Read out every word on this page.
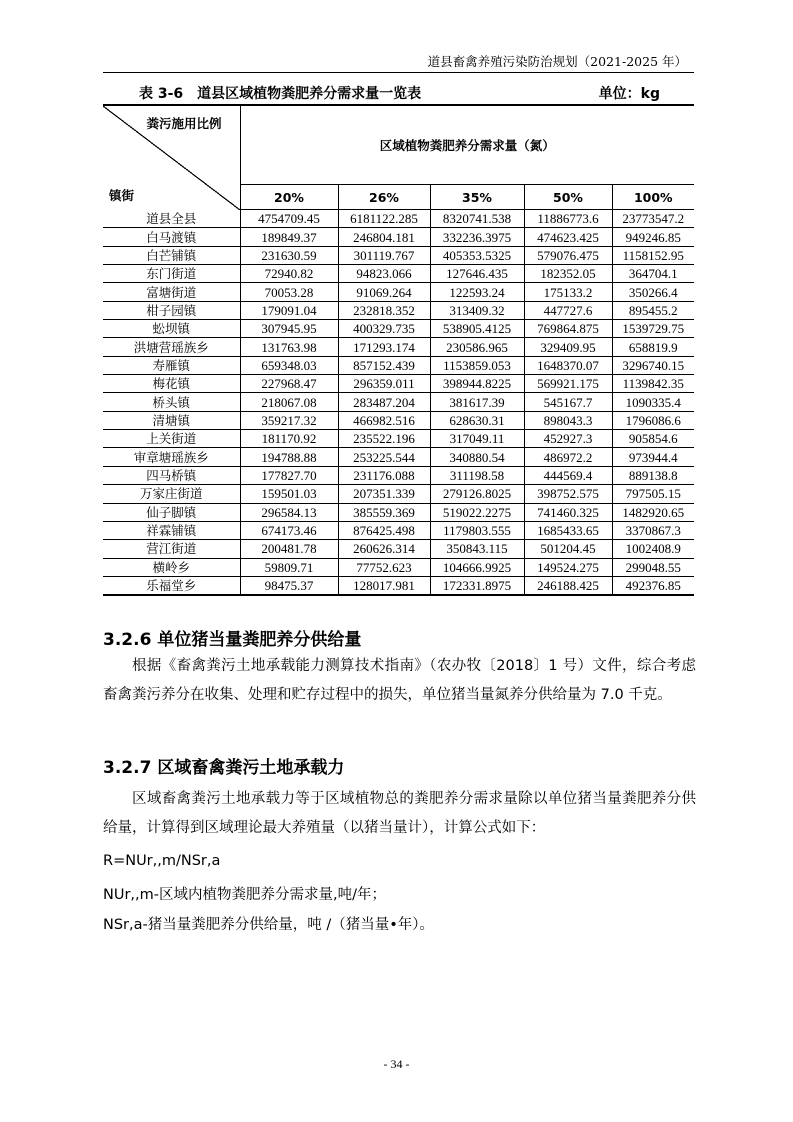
道县畜禽养殖污染防治规划（2021-2025 年）
表 3-6　道县区域植物粪肥养分需求量一览表	单位：kg
粪污施用比例
镇街	区域植物粪肥养分需求量（氮）				
	20%	26%	35%	50%	100%
道县全县	4754709.45	6181122.285	8320741.538	11886773.6	23773547.2
白马渡镇	189849.37	246804.181	332236.3975	474623.425	949246.85
白芒铺镇	231630.59	301119.767	405353.5325	579076.475	1158152.95
东门街道	72940.82	94823.066	127646.435	182352.05	364704.1
富塘街道	70053.28	91069.264	122593.24	175133.2	350266.4
柑子园镇	179091.04	232818.352	313409.32	447727.6	895455.2
蚣坝镇	307945.95	400329.735	538905.4125	769864.875	1539729.75
洪塘营瑶族乡	131763.98	171293.174	230586.965	329409.95	658819.9
寿雁镇	659348.03	857152.439	1153859.053	1648370.07	3296740.15
梅花镇	227968.47	296359.011	398944.8225	569921.175	1139842.35
桥头镇	218067.08	283487.204	381617.39	545167.7	1090335.4
清塘镇	359217.32	466982.516	628630.31	898043.3	1796086.6
上关街道	181170.92	235522.196	317049.11	452927.3	905854.6
审章塘瑶族乡	194788.88	253225.544	340880.54	486972.2	973944.4
四马桥镇	177827.70	231176.088	311198.58	444569.4	889138.8
万家庄街道	159501.03	207351.339	279126.8025	398752.575	797505.15
仙子脚镇	296584.13	385559.369	519022.2275	741460.325	1482920.65
祥霖铺镇	674173.46	876425.498	1179803.555	1685433.65	3370867.3
营江街道	200481.78	260626.314	350843.115	501204.45	1002408.9
横岭乡	59809.71	77752.623	104666.9925	149524.275	299048.55
乐福堂乡	98475.37	128017.981	172331.8975	246188.425	492376.85
3.2.6 单位猪当量粪肥养分供给量

根据《畜禽粪污土地承载能力测算技术指南》（农办牧〔2018〕1 号）文件，综合考虑畜禽粪污养分在收集、处理和贮存过程中的损失，单位猪当量氮养分供给量为 7.0 千克。

3.2.7 区域畜禽粪污土地承载力

区域畜禽粪污土地承载力等于区域植物总的粪肥养分需求量除以单位猪当量粪肥养分供给量，计算得到区域理论最大养殖量（以猪当量计），计算公式如下：

R=NUr,,m/NSr,a
NUr,,m-区域内植物粪肥养分需求量,吨/年；
NSr,a-猪当量粪肥养分供给量，吨 /（猪当量•年）。
- 34 -
